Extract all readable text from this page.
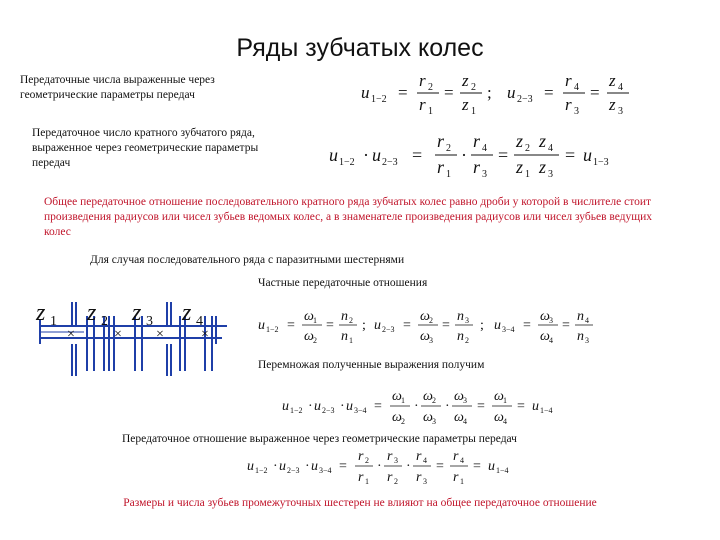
Ряды зубчатых колес
Передаточные числа выраженные через геометрические параметры передач	u 1−2 =
r 2
r 1
=
z 2
z 1
; u 2−3 =
r 4
r 3
=
z 4
z 3
Передаточное число кратного зубчатого ряда, выраженное через геометрические параметры передач	u 1−2 · u 2−3 =
r 2
r 1
·
r 4
r 3
=
z 2 z 4
z 1 z 3
= u 1−3
Общее передаточное отношение последовательного кратного ряда зубчатых колес равно дроби у которой в числителе стоит произведения радиусов или чисел зубьев ведомых колес, а в знаменателе произведения радиусов или чисел зубьев ведущих колес
Для случая последовательного ряда с паразитными шестернями
Частные передаточные отношения
z 1 z 2 z 3 z 4
×	× ×	×
u 1−2 =
ω 1
ω 2
=
n 2
n 1
; u 2−3 =
ω 2
ω 3
=
n 3
n 2
; u 3−4 =
ω 3
ω 4
=
n 4
n 3
Перемножая полученные выражения получим
u 1−2 · u 2−3 · u 3−4 =
ω 1
ω 2
·
ω 2
ω 3
·
ω 3
ω 4
=
ω 1
ω 4
= u 1−4
Передаточное отношение выраженное через геометрические параметры передач
u 1−2 · u 2−3 · u 3−4 =
r 2
r 1
·
r 3
r 2
·
r 4
r 3
=
r 4
r 1
= u 1−4
Размеры и числа зубьев промежуточных шестерен не влияют на общее передаточное отношение
